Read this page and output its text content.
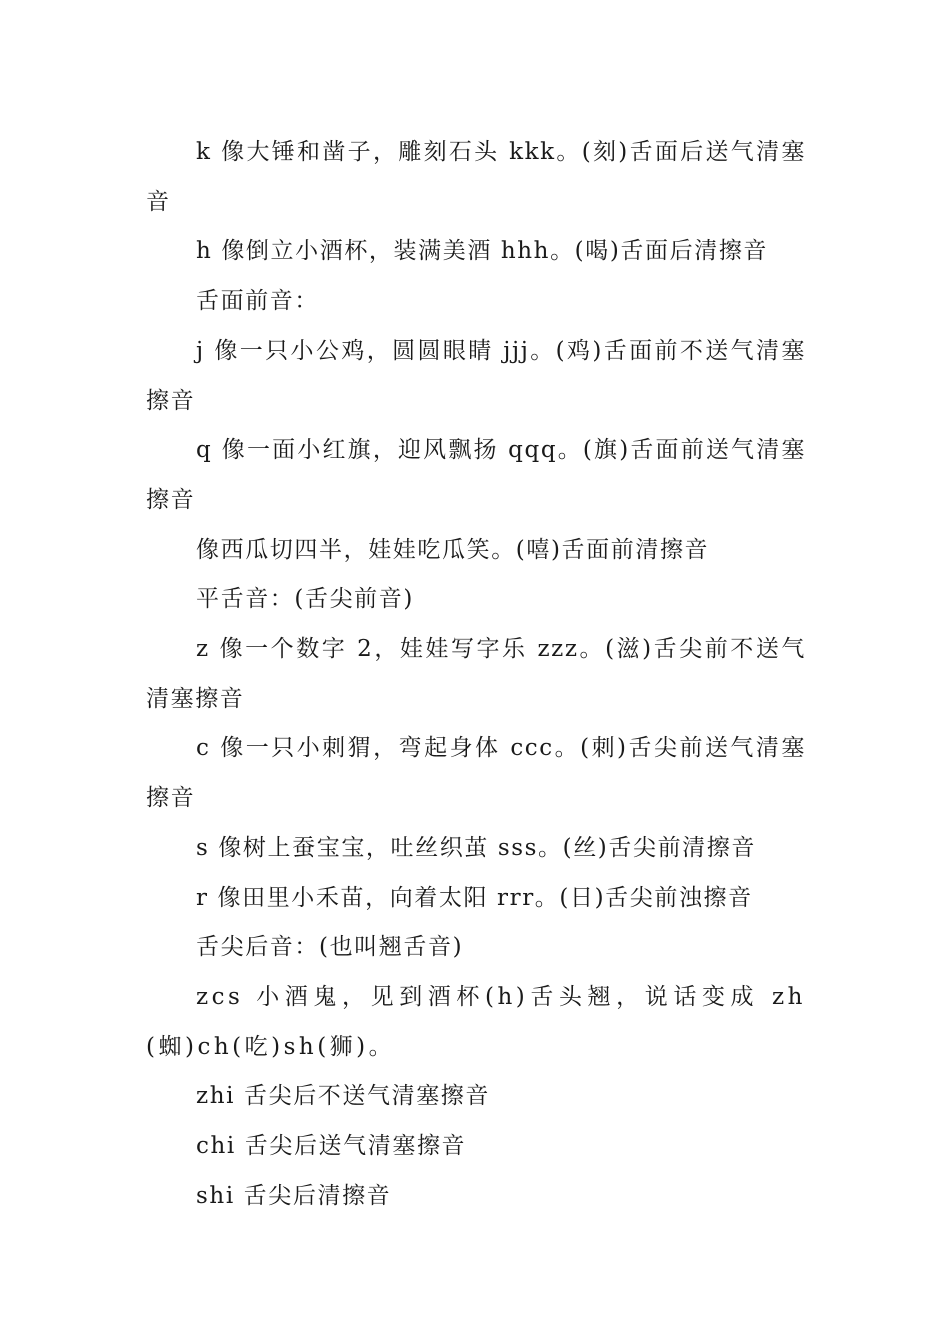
k 像大锤和凿子，雕刻石头 kkk。(刻)舌面后送气清塞音

h 像倒立小酒杯，装满美酒 hhh。(喝)舌面后清擦音

舌面前音：

j 像一只小公鸡，圆圆眼睛 jjj。(鸡)舌面前不送气清塞擦音

q 像一面小红旗，迎风飘扬 qqq。(旗)舌面前送气清塞擦音

像西瓜切四半，娃娃吃瓜笑。(嘻)舌面前清擦音

平舌音：(舌尖前音)

z 像一个数字 2，娃娃写字乐 zzz。(滋)舌尖前不送气清塞擦音

c 像一只小刺猬，弯起身体 ccc。(刺)舌尖前送气清塞擦音

s 像树上蚕宝宝，吐丝织茧 sss。(丝)舌尖前清擦音

r 像田里小禾苗，向着太阳 rrr。(日)舌尖前浊擦音

舌尖后音：(也叫翘舌音)

zcs 小酒鬼，见到酒杯(h)舌头翘，说话变成 zh(蜘)ch(吃)sh(狮)。

zhi 舌尖后不送气清塞擦音

chi 舌尖后送气清塞擦音

shi 舌尖后清擦音
